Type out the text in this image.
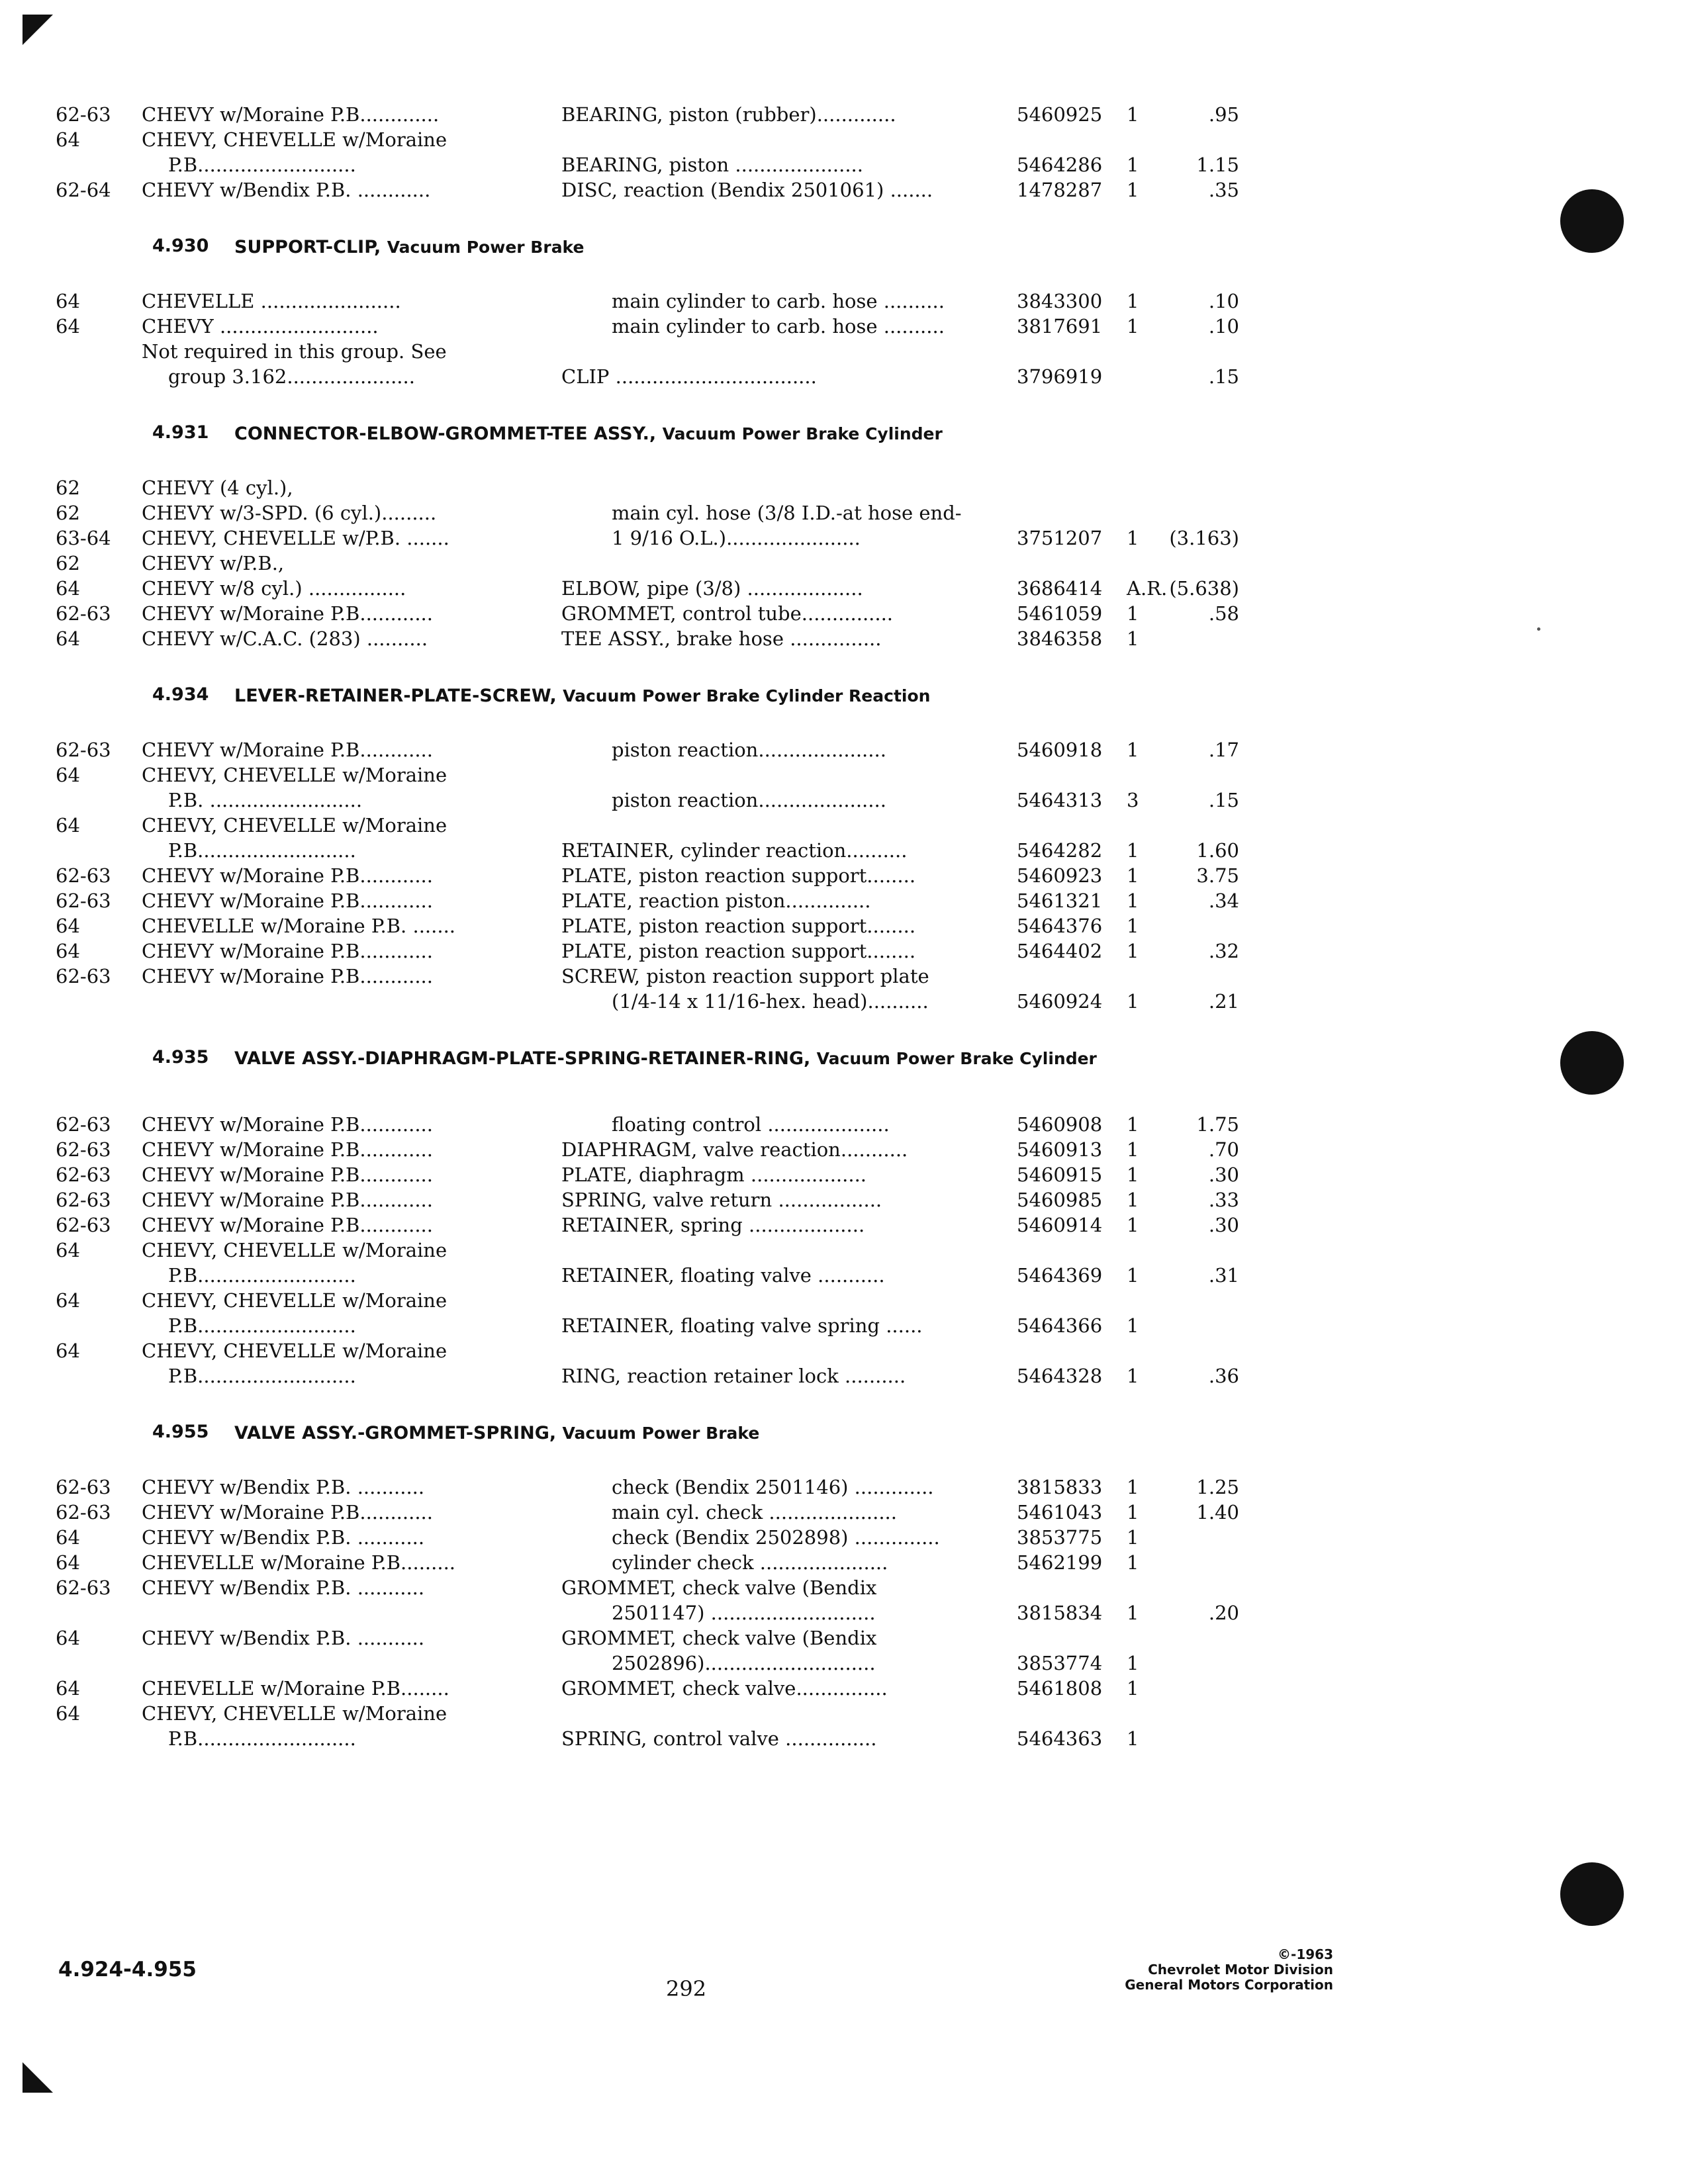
62-63 CHEVY w/Moraine P.B.............	BEARING, piston (rubber).............	5460925 1	.95
64	CHEVY, CHEVELLE w/Moraine
P.B..........................	BEARING, piston .....................	5464286 1	1.15
62-64 CHEVY w/Bendix P.B. ............	DISC, reaction (Bendix 2501061) .......	1478287 1	.35
4.930 SUPPORT-CLIP, Vacuum Power Brake
64	CHEVELLE .......................	main cylinder to carb. hose ..........	3843300 1	.10
64	CHEVY ..........................	main cylinder to carb. hose ..........	3817691 1	.10
Not required in this group. See
group 3.162.....................	CLIP .................................	3796919	.15
4.931 CONNECTOR-ELBOW-GROMMET-TEE ASSY., Vacuum Power Brake Cylinder
62	CHEVY (4 cyl.),
62	CHEVY w/3-SPD. (6 cyl.).........	main cyl. hose (3/8 I.D.-at hose end-
63-64 CHEVY, CHEVELLE w/P.B. .......	1 9/16 O.L.)......................	3751207 1 (3.163)
62	CHEVY w/P.B.,
64	CHEVY w/8 cyl.) ................	ELBOW, pipe (3/8) ...................	3686414 A.R. (5.638)
62-63 CHEVY w/Moraine P.B............	GROMMET, control tube...............	5461059 1	.58
64	CHEVY w/C.A.C. (283) ..........	TEE ASSY., brake hose ...............	3846358 1
4.934 LEVER-RETAINER-PLATE-SCREW, Vacuum Power Brake Cylinder Reaction
62-63 CHEVY w/Moraine P.B............	piston reaction.....................	5460918 1	.17
64	CHEVY, CHEVELLE w/Moraine
P.B. .........................	piston reaction.....................	5464313 3	.15
64	CHEVY, CHEVELLE w/Moraine
P.B..........................	RETAINER, cylinder reaction..........	5464282 1	1.60
62-63 CHEVY w/Moraine P.B............	PLATE, piston reaction support........	5460923 1	3.75
62-63 CHEVY w/Moraine P.B............	PLATE, reaction piston..............	5461321 1	.34
64	CHEVELLE w/Moraine P.B. .......	PLATE, piston reaction support........	5464376 1
64	CHEVY w/Moraine P.B............	PLATE, piston reaction support........	5464402 1	.32
62-63 CHEVY w/Moraine P.B............	SCREW, piston reaction support plate
(1/4-14 x 11/16-hex. head)..........	5460924 1	.21
4.935 VALVE ASSY.-DIAPHRAGM-PLATE-SPRING-RETAINER-RING, Vacuum Power Brake Cylinder
62-63 CHEVY w/Moraine P.B............	floating control ....................	5460908 1	1.75
62-63 CHEVY w/Moraine P.B............	DIAPHRAGM, valve reaction...........	5460913 1	.70
62-63 CHEVY w/Moraine P.B............	PLATE, diaphragm ...................	5460915 1	.30
62-63 CHEVY w/Moraine P.B............	SPRING, valve return .................	5460985 1	.33
62-63 CHEVY w/Moraine P.B............	RETAINER, spring ...................	5460914 1	.30
64	CHEVY, CHEVELLE w/Moraine
P.B..........................	RETAINER, floating valve ...........	5464369 1	.31
64	CHEVY, CHEVELLE w/Moraine
P.B..........................	RETAINER, floating valve spring ......	5464366 1
64	CHEVY, CHEVELLE w/Moraine
P.B..........................	RING, reaction retainer lock ..........	5464328 1	.36
4.955 VALVE ASSY.-GROMMET-SPRING, Vacuum Power Brake
62-63 CHEVY w/Bendix P.B. ...........	check (Bendix 2501146) .............	3815833 1	1.25
62-63 CHEVY w/Moraine P.B............	main cyl. check .....................	5461043 1	1.40
64	CHEVY w/Bendix P.B. ...........	check (Bendix 2502898) ..............	3853775 1
64	CHEVELLE w/Moraine P.B.........	cylinder check .....................	5462199 1
62-63 CHEVY w/Bendix P.B. ...........	GROMMET, check valve (Bendix
2501147) ...........................	3815834 1	.20
64	CHEVY w/Bendix P.B. ...........	GROMMET, check valve (Bendix
2502896)............................	3853774 1
64	CHEVELLE w/Moraine P.B........	GROMMET, check valve...............	5461808 1
64	CHEVY, CHEVELLE w/Moraine
P.B..........................	SPRING, control valve ...............	5464363 1
4.924-4.955
292
©-1963
Chevrolet Motor Division
General Motors Corporation
